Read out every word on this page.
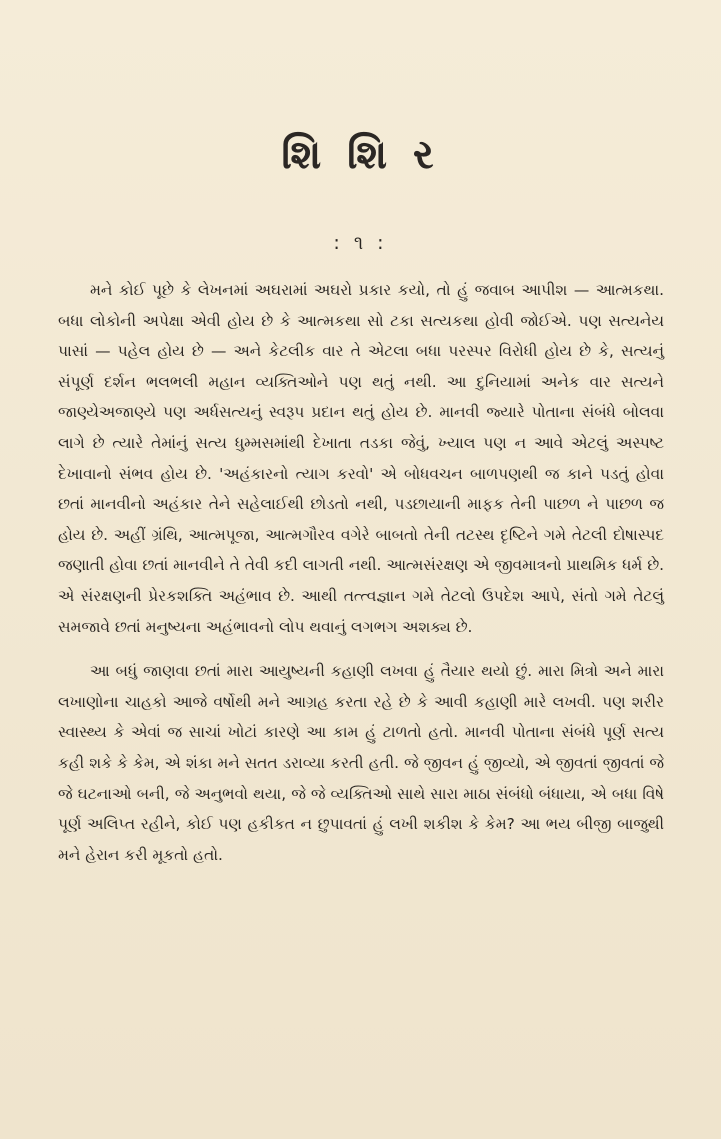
શિ શિ ર
: ૧ :

મને કોઈ પૂછે કે લેખનમાં અઘરામાં અઘરો પ્રકાર કયો, તો હું જવાબ આપીશ — આત્મકથા. બધા લોકોની અપેક્ષા એવી હોય છે કે આત્મકથા સો ટકા સત્યકથા હોવી જોઈએ. પણ સત્યનેય પાસાં — પહેલ હોય છે — અને કેટલીક વાર તે એટલા બધા પરસ્પર વિરોધી હોય છે કે, સત્યનું સંપૂર્ણ દર્શન ભલભલી મહાન વ્યક્તિઓને પણ થતું નથી. આ દુનિયામાં અનેક વાર સત્યને જાણ્યેઅજાણ્યે પણ અર્ધસત્યનું સ્વરૂપ પ્રદાન થતું હોય છે. માનવી જ્યારે પોતાના સંબંધે બોલવા લાગે છે ત્યારે તેમાંનું સત્ય ધુમ્મસમાંથી દેખાતા તડકા જેવું, ખ્યાલ પણ ન આવે એટલું અસ્પષ્ટ દેખાવાનો સંભવ હોય છે. 'અહંકારનો ત્યાગ કરવો' એ બોધવચન બાળપણથી જ કાને પડતું હોવા છતાં માનવીનો અહંકાર તેને સહેલાઈથી છોડતો નથી, પડછાયાની માફક તેની પાછળ ને પાછળ જ હોય છે. અહીં ગ્રંથિ, આત્મપૂજા, આત્મગૌરવ વગેરે બાબતો તેની તટસ્થ દૃષ્ટિને ગમે તેટલી દોષાસ્પદ જણાતી હોવા છતાં માનવીને તે તેવી કદી લાગતી નથી. આત્મસંરક્ષણ એ જીવમાત્રનો પ્રાથમિક ધર્મ છે. એ સંરક્ષણની પ્રેરકશક્તિ અહંભાવ છે. આથી તત્ત્વજ્ઞાન ગમે તેટલો ઉપદેશ આપે, સંતો ગમે તેટલું સમજાવે છતાં મનુષ્યના અહંભાવનો લોપ થવાનું લગભગ અશક્ય છે.

આ બધું જાણવા છતાં મારા આયુષ્યની કહાણી લખવા હું તૈયાર થયો છું. મારા મિત્રો અને મારા લખાણોના ચાહકો આજે વર્ષોથી મને આગ્રહ કરતા રહે છે કે આવી કહાણી મારે લખવી. પણ શરીર સ્વાસ્થ્ય કે એવાં જ સાચાં ખોટાં કારણે આ કામ હું ટાળતો હતો. માનવી પોતાના સંબંધે પૂર્ણ સત્ય કહી શકે કે કેમ, એ શંકા મને સતત ડરાવ્યા કરતી હતી. જે જીવન હું જીવ્યો, એ જીવતાં જીવતાં જે જે ઘટનાઓ બની, જે અનુભવો થયા, જે જે વ્યક્તિઓ સાથે સારા માઠા સંબંધો બંધાયા, એ બધા વિષે પૂર્ણ અલિપ્ત રહીને, કોઈ પણ હકીકત ન છુપાવતાં હું લખી શકીશ કે કેમ? આ ભય બીજી બાજુથી મને હેરાન કરી મૂકતો હતો.
